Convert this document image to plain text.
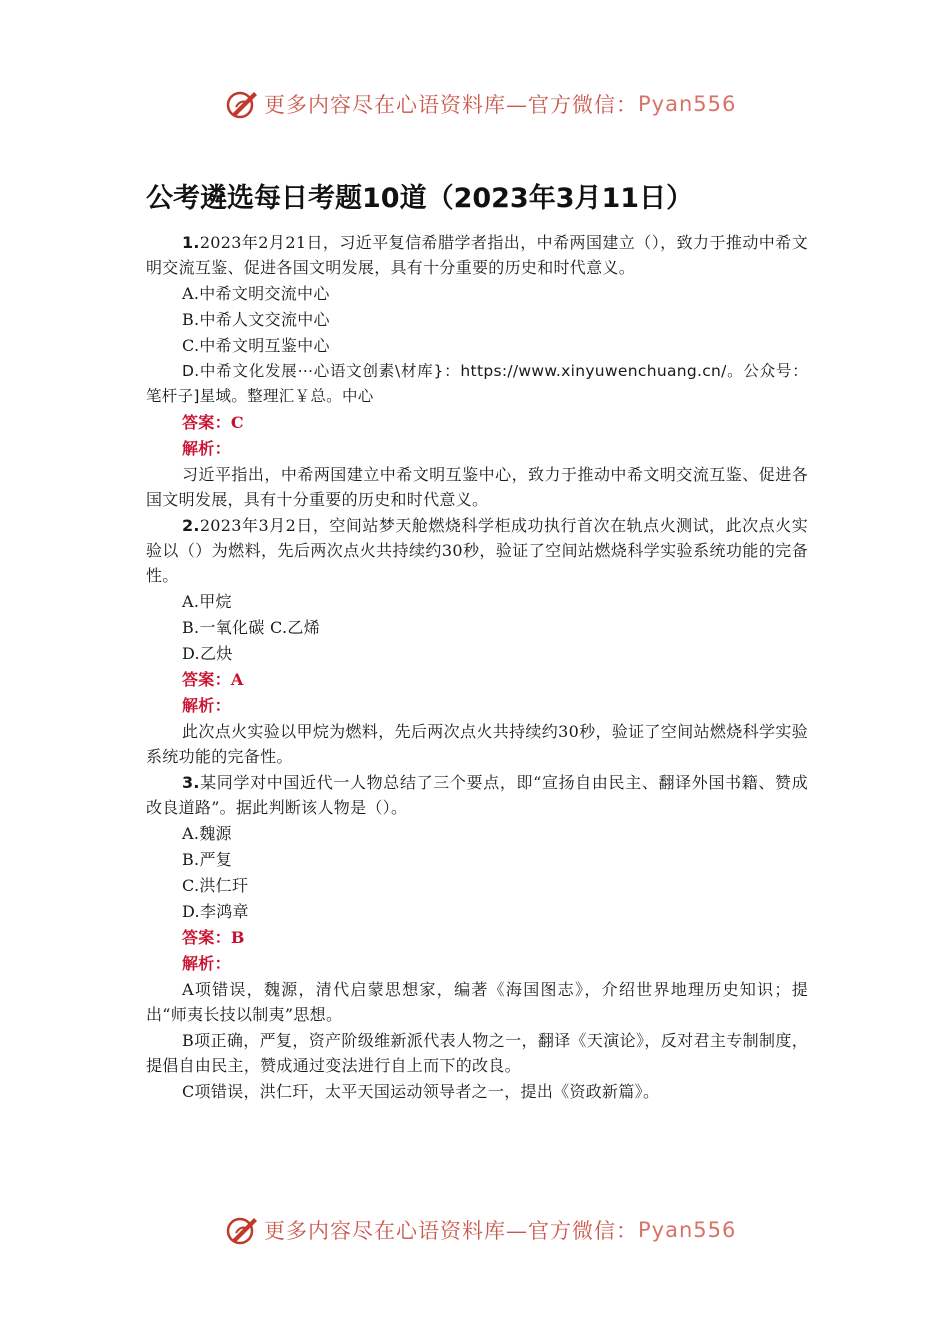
更多内容尽在心语资料库—官方微信： Pyan556
公考遴选每日考题10道（2023年3月11日）

1.2023年2月21日，习近平复信希腊学者指出，中希两国建立（），致力于推动中希文明交流互鉴、促进各国文明发展，具有十分重要的历史和时代意义。

A.中希文明交流中心

B.中希人文交流中心

C.中希文明互鉴中心

D.中希文化发展⋯心语文创素\材库}：https://www.xinyuwenchuang.cn/。公众号：笔杆子]星域。整理汇￥总。中心

答案：C

解析：

习近平指出，中希两国建立中希文明互鉴中心，致力于推动中希文明交流互鉴、促进各国文明发展，具有十分重要的历史和时代意义。

2.2023年3月2日，空间站梦天舱燃烧科学柜成功执行首次在轨点火测试，此次点火实验以（）为燃料，先后两次点火共持续约30秒，验证了空间站燃烧科学实验系统功能的完备性。

A.甲烷

B.一氧化碳 C.乙烯

D.乙炔

答案：A

解析：

此次点火实验以甲烷为燃料，先后两次点火共持续约30秒，验证了空间站燃烧科学实验系统功能的完备性。

3.某同学对中国近代一人物总结了三个要点，即“宣扬自由民主、翻译外国书籍、赞成改良道路”。据此判断该人物是（）。

A.魏源

B.严复

C.洪仁玕

D.李鸿章

答案：B

解析：

A项错误，魏源，清代启蒙思想家，编著《海国图志》，介绍世界地理历史知识；提出“师夷长技以制夷”思想。

B项正确，严复，资产阶级维新派代表人物之一，翻译《天演论》，反对君主专制制度，提倡自由民主，赞成通过变法进行自上而下的改良。

C项错误，洪仁玕，太平天国运动领导者之一，提出《资政新篇》。

更多内容尽在心语资料库—官方微信： Pyan556
